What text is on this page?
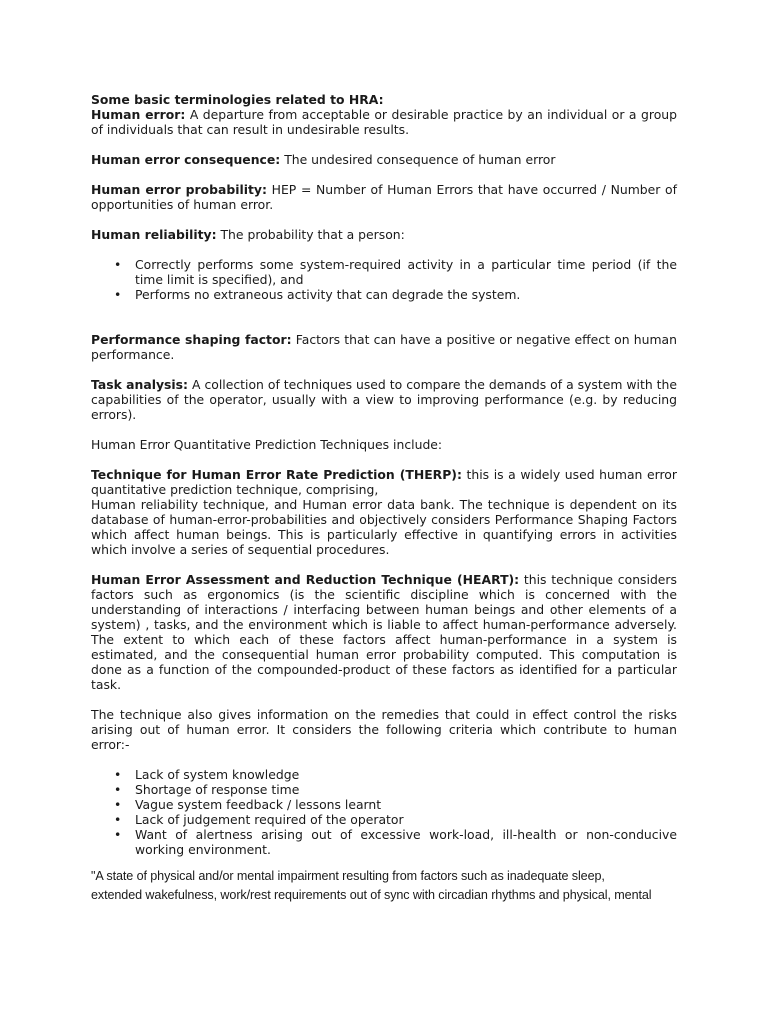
Some basic terminologies related to HRA:

Human error: A departure from acceptable or desirable practice by an individual or a group of individuals that can result in undesirable results.

Human error consequence: The undesired consequence of human error

Human error probability: HEP = Number of Human Errors that have occurred / Number of opportunities of human error.

Human reliability: The probability that a person:

• Correctly performs some system-required activity in a particular time period (if the time limit is specified), and
• Performs no extraneous activity that can degrade the system.

Performance shaping factor: Factors that can have a positive or negative effect on human performance.

Task analysis: A collection of techniques used to compare the demands of a system with the capabilities of the operator, usually with a view to improving performance (e.g. by reducing errors).

Human Error Quantitative Prediction Techniques include:

Technique for Human Error Rate Prediction (THERP): this is a widely used human error quantitative prediction technique, comprising,
Human reliability technique, and Human error data bank. The technique is dependent on its database of human-error-probabilities and objectively considers Performance Shaping Factors which affect human beings. This is particularly effective in quantifying errors in activities which involve a series of sequential procedures.

Human Error Assessment and Reduction Technique (HEART): this technique considers factors such as ergonomics (is the scientific discipline which is concerned with the understanding of interactions / interfacing between human beings and other elements of a system) , tasks, and the environment which is liable to affect human-performance adversely. The extent to which each of these factors affect human-performance in a system is estimated, and the consequential human error probability computed. This computation is done as a function of the compounded-product of these factors as identified for a particular task.

The technique also gives information on the remedies that could in effect control the risks arising out of human error. It considers the following criteria which contribute to human error:-

• Lack of system knowledge
• Shortage of response time
• Vague system feedback / lessons learnt
• Lack of judgement required of the operator
• Want of alertness arising out of excessive work-load, ill-health or non-conducive working environment.
"A state of physical and/or mental impairment resulting from factors such as inadequate sleep,
extended wakefulness, work/rest requirements out of sync with circadian rhythms and physical, mental
